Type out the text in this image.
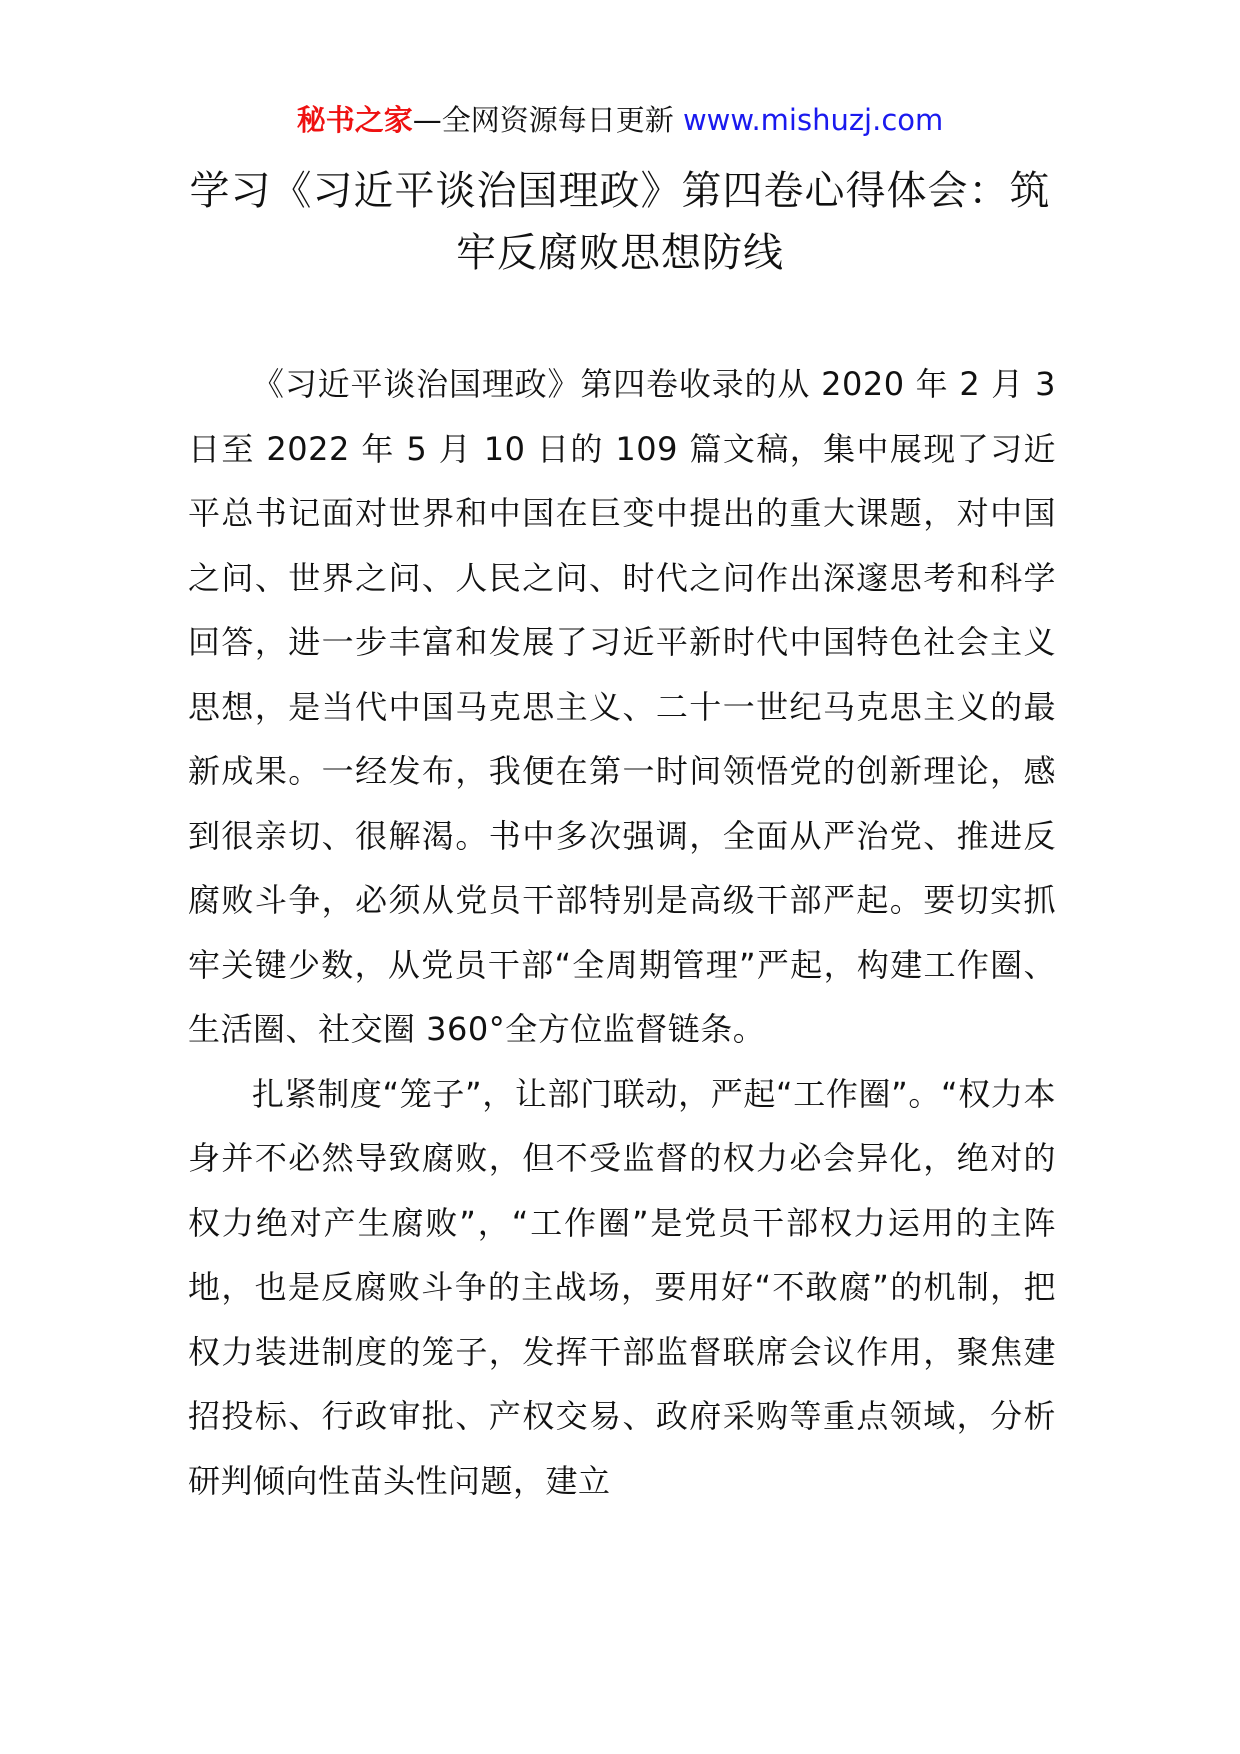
秘书之家—全网资源每日更新 www.mishuzj.com
学习《习近平谈治国理政》第四卷心得体会：筑牢反腐败思想防线

《习近平谈治国理政》第四卷收录的从 2020 年 2 月 3 日至 2022 年 5 月 10 日的 109 篇文稿，集中展现了习近平总书记面对世界和中国在巨变中提出的重大课题，对中国之问、世界之问、人民之问、时代之问作出深邃思考和科学回答，进一步丰富和发展了习近平新时代中国特色社会主义思想，是当代中国马克思主义、二十一世纪马克思主义的最新成果。一经发布，我便在第一时间领悟党的创新理论，感到很亲切、很解渴。书中多次强调，全面从严治党、推进反腐败斗争，必须从党员干部特别是高级干部严起。要切实抓牢关键少数，从党员干部“全周期管理”严起，构建工作圈、生活圈、社交圈 360°全方位监督链条。

扎紧制度“笼子”，让部门联动，严起“工作圈”。“权力本身并不必然导致腐败，但不受监督的权力必会异化，绝对的权力绝对产生腐败”，“工作圈”是党员干部权力运用的主阵地，也是反腐败斗争的主战场，要用好“不敢腐”的机制，把权力装进制度的笼子，发挥干部监督联席会议作用，聚焦建招投标、行政审批、产权交易、政府采购等重点领域，分析研判倾向性苗头性问题，建立
